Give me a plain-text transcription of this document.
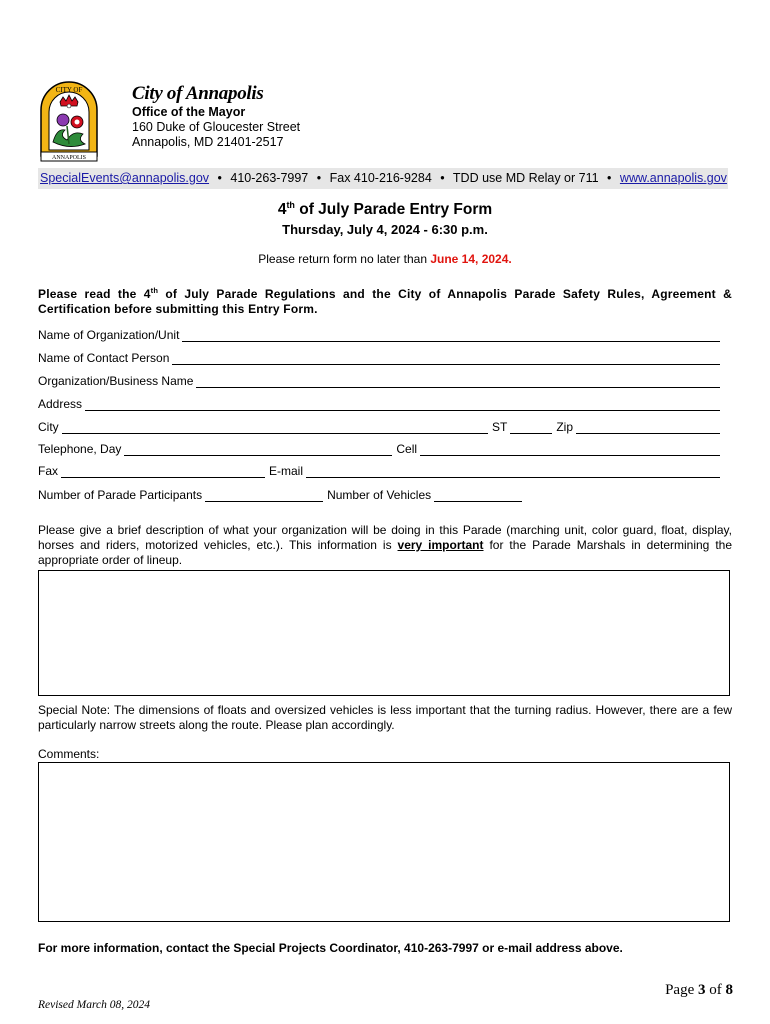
CITY OF
ANNAPOLIS
City of Annapolis
Office of the Mayor
160 Duke of Gloucester Street
Annapolis, MD 21401-2517
SpecialEvents@annapolis.gov • 410-263-7997 • Fax 410-216-9284 • TDD use MD Relay or 711 • www.annapolis.gov
4th of July Parade Entry Form
Thursday, July 4, 2024 - 6:30 p.m.
Please return form no later than June 14, 2024.
Please read the 4th of July Parade Regulations and the City of Annapolis Parade Safety Rules, Agreement & Certification before submitting this Entry Form.
Name of Organization/Unit
Name of Contact Person
Organization/Business Name
Address
City	ST	Zip
Telephone, Day	Cell
Fax	E-mail
Number of Parade Participants	Number of Vehicles
Please give a brief description of what your organization will be doing in this Parade (marching unit, color guard, float, display, horses and riders, motorized vehicles, etc.). This information is very important for the Parade Marshals in determining the appropriate order of lineup.
Special Note: The dimensions of floats and oversized vehicles is less important that the turning radius. However, there are a few particularly narrow streets along the route. Please plan accordingly.
Comments:
For more information, contact the Special Projects Coordinator, 410-263-7997 or e-mail address above.
Page 3 of 8
Revised March 08, 2024
